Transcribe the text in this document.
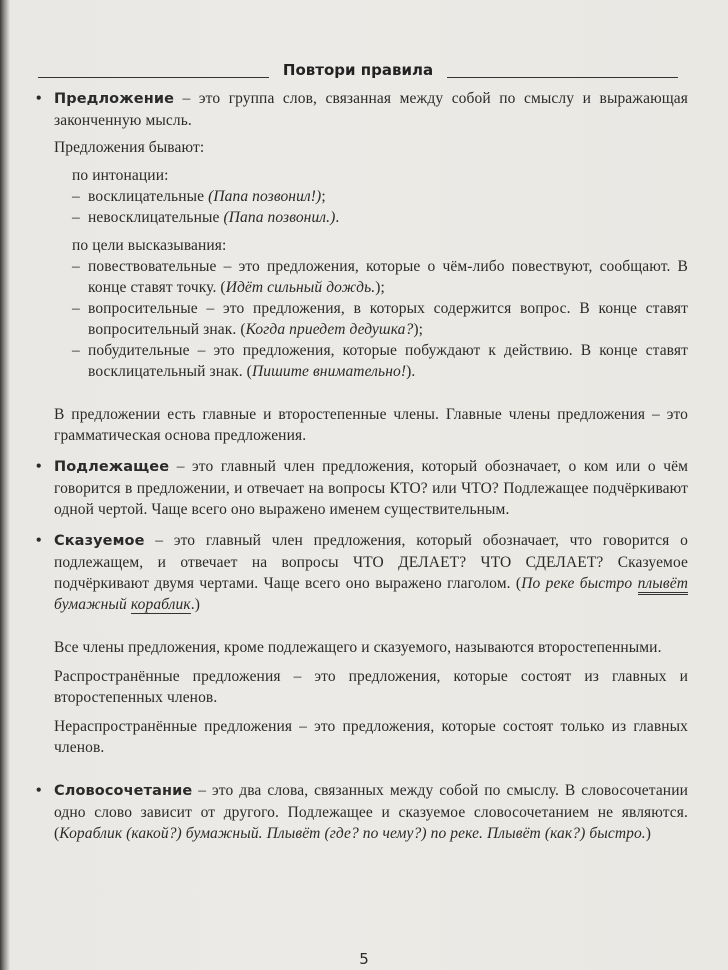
Повтори правила

• Предложение – это группа слов, связанная между собой по смыслу и выражающая законченную мысль.

Предложения бывают:

по интонации:

– восклицательные (Папа позвонил!);

– невосклицательные (Папа позвонил.).

по цели высказывания:

– повествовательные – это предложения, которые о чём-либо повествуют, сообщают. В конце ставят точку. (Идёт сильный дождь.);

– вопросительные – это предложения, в которых содержится вопрос. В конце ставят вопросительный знак. (Когда приедет дедушка?);

– побудительные – это предложения, которые побуждают к действию. В конце ставят восклицательный знак. (Пишите внимательно!).

В предложении есть главные и второстепенные члены. Главные члены предложения – это грамматическая основа предложения.

• Подлежащее – это главный член предложения, который обозначает, о ком или о чём говорится в предложении, и отвечает на вопросы КТО? или ЧТО? Подлежащее подчёркивают одной чертой. Чаще всего оно выражено именем существительным.

• Сказуемое – это главный член предложения, который обозначает, что говорится о подлежащем, и отвечает на вопросы ЧТО ДЕЛАЕТ? ЧТО СДЕЛАЕТ? Сказуемое подчёркивают двумя чертами. Чаще всего оно выражено глаголом. (По реке быстро плывёт бумажный кораблик.)

Все члены предложения, кроме подлежащего и сказуемого, называются второстепенными.

Распространённые предложения – это предложения, которые состоят из главных и второстепенных членов.

Нераспространённые предложения – это предложения, которые состоят только из главных членов.

• Словосочетание – это два слова, связанных между собой по смыслу. В словосочетании одно слово зависит от другого. Подлежащее и сказуемое словосочетанием не являются. (Кораблик (какой?) бумажный. Плывёт (где? по чему?) по реке. Плывёт (как?) быстро.)

5
